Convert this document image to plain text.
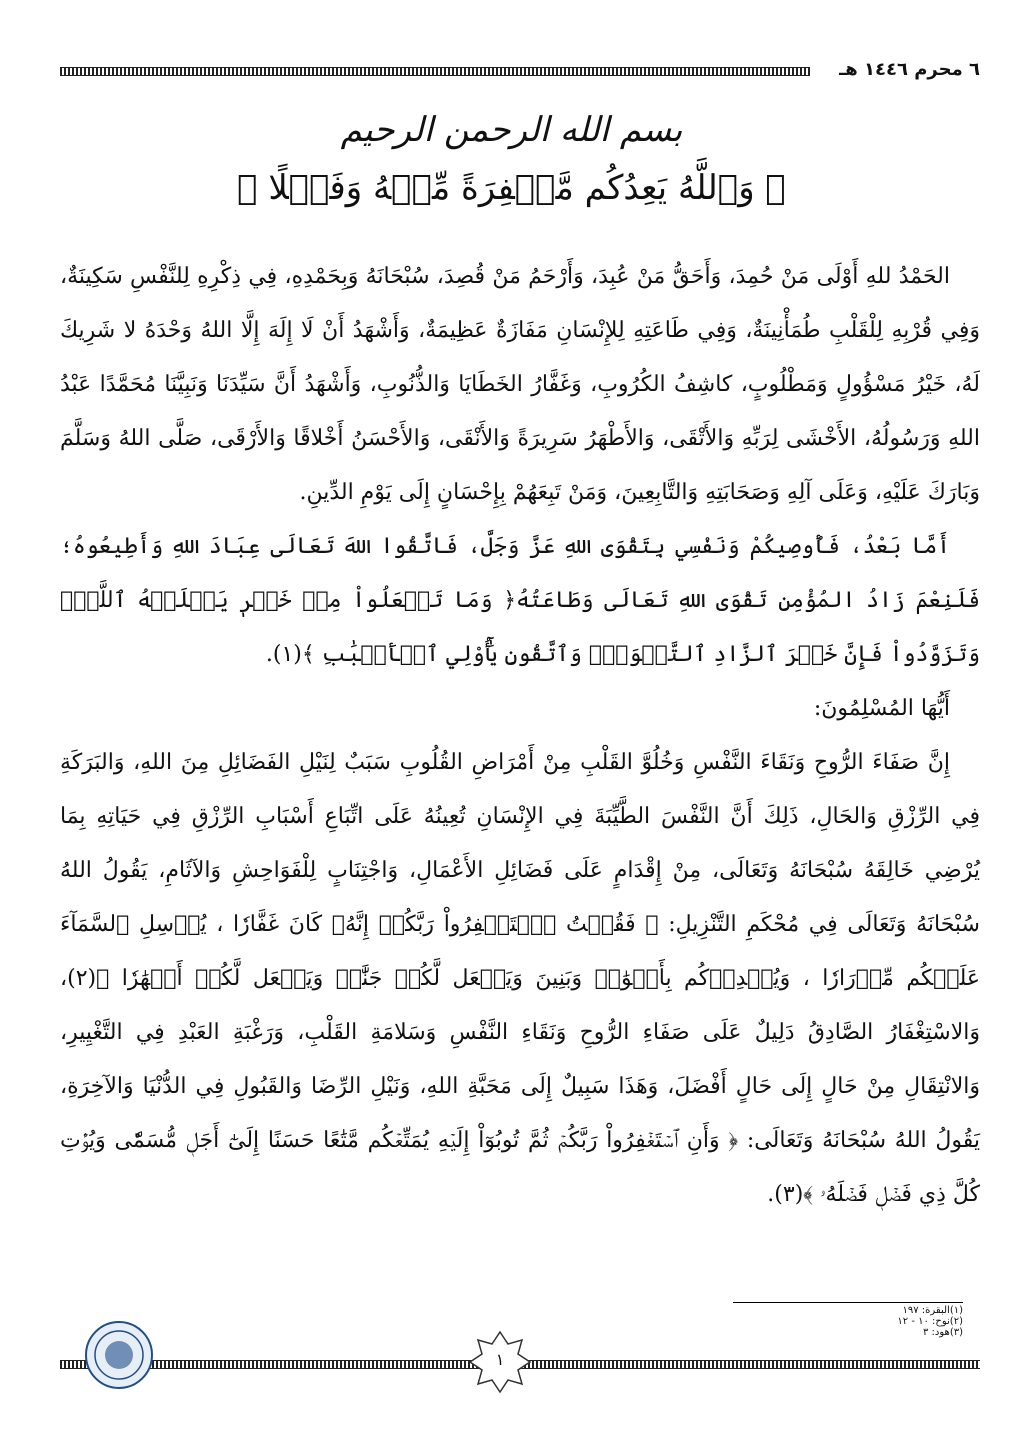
٦ محرم ١٤٤٦ هـ
بسم الله الرحمن الرحيم
﴿ وَٱللَّهُ يَعِدُكُم مَّغۡفِرَةً مِّنۡهُ وَفَضۡلًا ﴾

الحَمْدُ للهِ أَوْلَى مَنْ حُمِدَ، وَأَحَقُّ مَنْ عُبِدَ، وَأَرْحَمُ مَنْ قُصِدَ، سُبْحَانَهُ وَبِحَمْدِهِ، فِي ذِكْرِهِ لِلنَّفْسِ سَكِينَةٌ، وَفِي قُرْبِهِ لِلْقَلْبِ طُمَأْنِينَةٌ، وَفِي طَاعَتِهِ لِلإِنْسَانِ مَفَازَةٌ عَظِيمَةٌ، وَأَشْهَدُ أَنْ لَا إِلَهَ إِلَّا اللهُ وَحْدَهُ لا شَرِيكَ لَهُ، خَيْرُ مَسْؤُولٍ وَمَطْلُوبٍ، كاشِفُ الكُرُوبِ، وَغَفَّارُ الخَطَايَا وَالذُّنُوبِ، وَأَشْهَدُ أَنَّ سَيِّدَنَا وَنَبِيَّنَا مُحَمَّدًا عَبْدُ اللهِ وَرَسُولُهُ، الأَخْشَى لِرَبِّهِ وَالأَتْقَى، وَالأَطْهَرُ سَرِيرَةً وَالأَنْقَى، وَالأَحْسَنُ أَخْلاقًا وَالأَرْقَى، صَلَّى اللهُ وَسَلَّمَ وَبَارَكَ عَلَيْهِ، وَعَلَى آلِهِ وَصَحَابَتِهِ وَالتَّابِعِينَ، وَمَنْ تَبِعَهُمْ بِإِحْسَانٍ إِلَى يَوْمِ الدِّينِ.

أَمَّا بَعْدُ، فَأُوصِيكُمْ وَنَفْسِي بِتَقْوَى اللهِ عَزَّ وَجَلَّ، فَاتَّقُوا اللهَ تَعَالَى عِبَادَ اللهِ وَأَطِيعُوهُ؛ فَلَنِعْمَ زَادُ المُؤْمِنِ تَقْوَى اللهِ تَعَالَى وَطَاعَتُهُ﴿ وَمَا تَفۡعَلُواْ مِنۡ خَيۡرٖ يَعۡلَمۡهُ ٱللَّهُۗ وَتَزَوَّدُواْ فَإِنَّ خَيۡرَ ٱلزَّادِ ٱلتَّقۡوَىٰۖ وَٱتَّقُونِ يَٰٓأُوْلِي ٱلۡأَلۡبَٰبِ ﴾(١).

أَيُّهَا المُسْلِمُونَ:

إِنَّ صَفَاءَ الرُّوحِ وَنَقَاءَ النَّفْسِ وَخُلُوَّ القَلْبِ مِنْ أَمْرَاضِ القُلُوبِ سَبَبٌ لِنَيْلِ الفَضَائِلِ مِنَ اللهِ، وَالبَرَكَةِ فِي الرِّزْقِ وَالحَالِ، ذَلِكَ أَنَّ النَّفْسَ الطَّيِّبَةَ فِي الإِنْسَانِ تُعِينُهُ عَلَى اتِّبَاعِ أَسْبَابِ الرِّزْقِ فِي حَيَاتِهِ بِمَا يُرْضِي خَالِقَهُ سُبْحَانَهُ وَتَعَالَى، مِنْ إِقْدَامٍ عَلَى فَضَائِلِ الأَعْمَالِ، وَاجْتِنَابٍ لِلْفَوَاحِشِ وَالآثَامِ، يَقُولُ اللهُ سُبْحَانَهُ وَتَعَالَى فِي مُحْكَمِ التَّنْزِيلِ: ﴿ فَقُلۡتُ ٱسۡتَغۡفِرُواْ رَبَّكُمۡ إِنَّهُۥ كَانَ غَفَّارٗا ، يُرۡسِلِ ٱلسَّمَآءَ عَلَيۡكُم مِّدۡرَارٗا ، وَيُمۡدِدۡكُم بِأَمۡوَٰلٖ وَبَنِينَ وَيَجۡعَل لَّكُمۡ جَنَّٰتٖ وَيَجۡعَل لَّكُمۡ أَنۡهَٰرٗا ﴾(٢)، وَالاسْتِغْفَارُ الصَّادِقُ دَلِيلٌ عَلَى صَفَاءِ الرُّوحِ وَنَقَاءِ النَّفْسِ وَسَلامَةِ القَلْبِ، وَرَغْبَةِ العَبْدِ فِي التَّغْيِيرِ، وَالانْتِقَالِ مِنْ حَالٍ إِلَى حَالٍ أَفْضَلَ، وَهَذَا سَبِيلٌ إِلَى مَحَبَّةِ اللهِ، وَنَيْلِ الرِّضَا وَالقَبُولِ فِي الدُّنْيَا وَالآخِرَةِ، يَقُولُ اللهُ سُبْحَانَهُ وَتَعَالَى: ﴿ وَأَنِ ٱسۡتَغۡفِرُواْ رَبَّكُمۡ ثُمَّ تُوبُوٓاْ إِلَيۡهِ يُمَتِّعۡكُم مَّتَٰعًا حَسَنًا إِلَىٰٓ أَجَلٖ مُّسَمّٗى وَيُؤۡتِ كُلَّ ذِي فَضۡلٖ فَضۡلَهُۥ ﴾(٣).

(١)البقرة: ١٩٧
(٢)نوح: ١٠ - ١٢
(٣)هود: ٣
١
